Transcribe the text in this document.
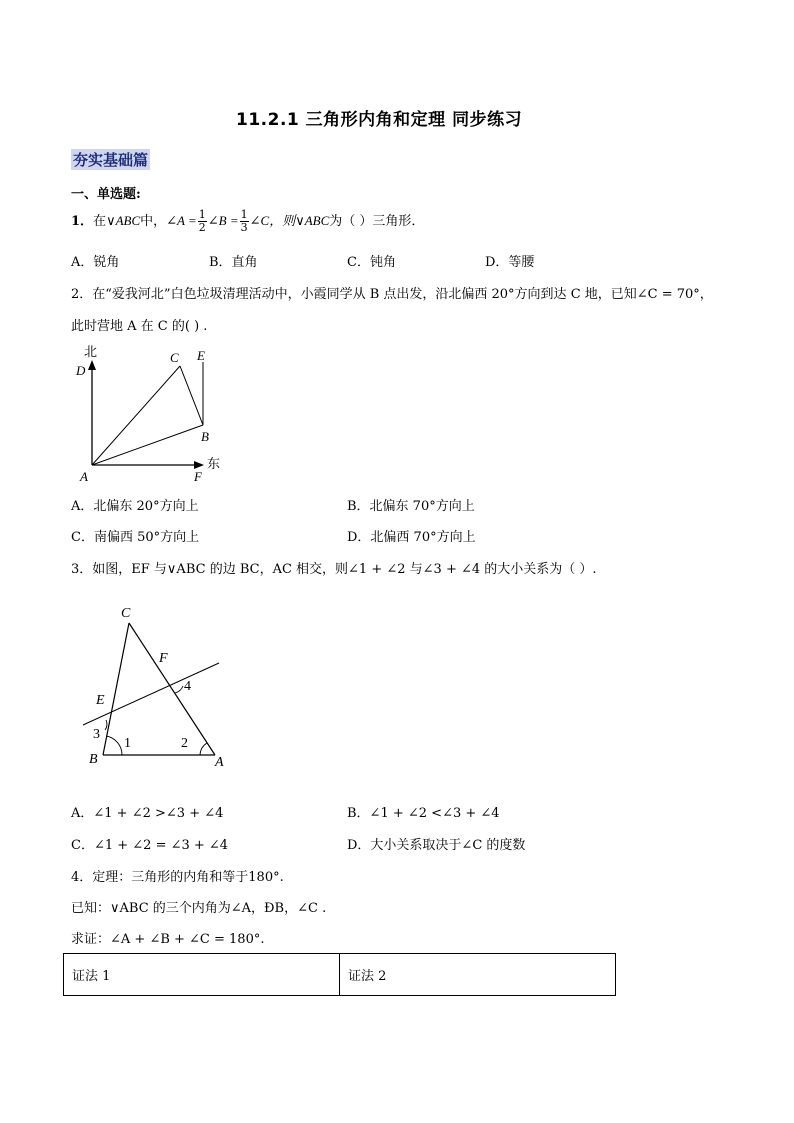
11.2.1 三角形内角和定理 同步练习
夯实基础篇
一、单选题:
1．在∨ABC中，∠A = $\frac{1}{2}$ ∠B = $\frac{1}{3}$ ∠C，则∨ABC为（ ）三角形．
A．锐角	B．直角	C．钝角	D．等腰
2．在“爱我河北”白色垃圾清理活动中，小霞同学从 B 点出发，沿北偏西 20°方向到达 C 地，已知∠C = 70°，
此时营地 A 在 C 的( ) .
北
D
C E
B
东
A	F
A．北偏东 20°方向上	B．北偏东 70°方向上
C．南偏西 50°方向上	D．北偏西 70°方向上
3．如图，EF 与∨ABC 的边 BC，AC 相交，则∠1 + ∠2 与∠3 + ∠4 的大小关系为（ ）.
C
F
4
E
3
1	2
B	A
A．∠1 + ∠2 >∠3 + ∠4	B．∠1 + ∠2 <∠3 + ∠4
C．∠1 + ∠2 = ∠3 + ∠4	D．大小关系取决于∠C 的度数
4．定理：三角形的内角和等于180°.
已知：∨ABC 的三个内角为∠A，ÐB，∠C .
求证：∠A + ∠B + ∠C = 180°.
证法 1	证法 2
